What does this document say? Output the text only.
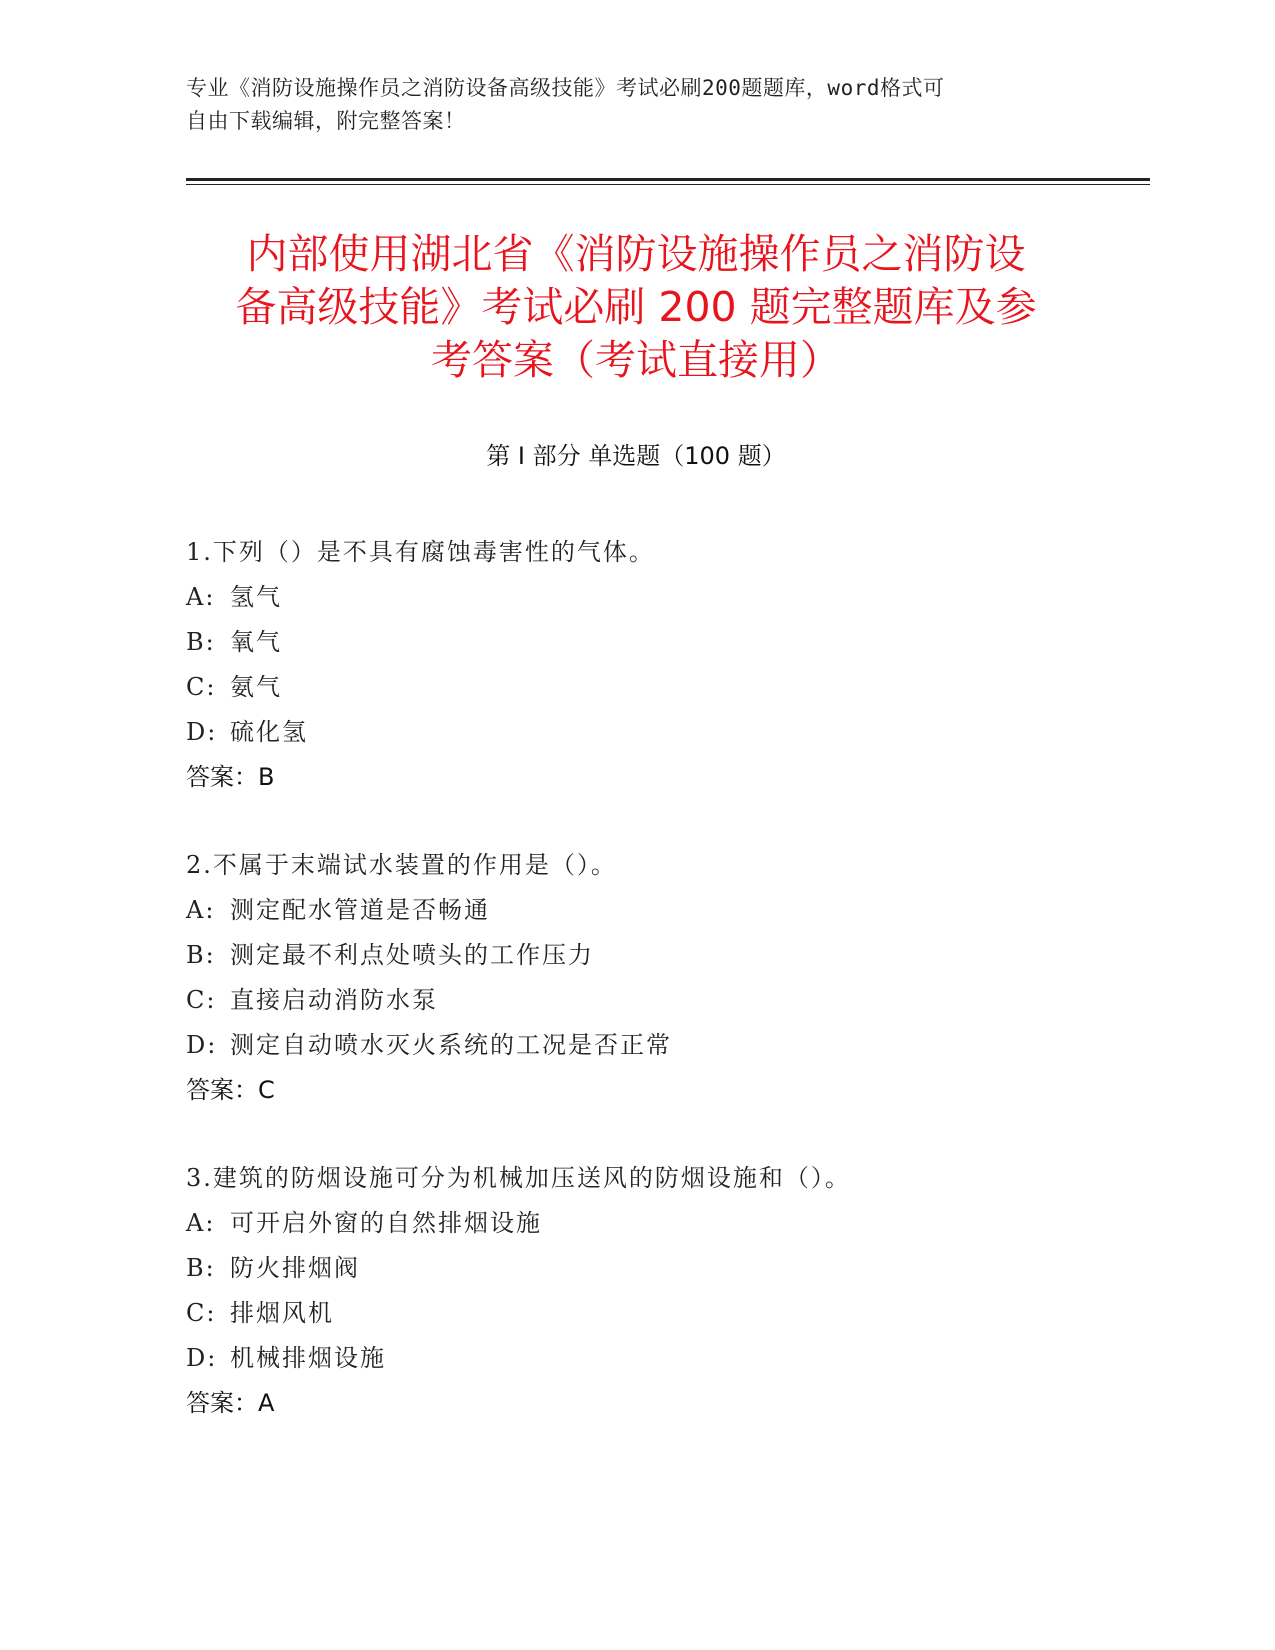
专业《消防设施操作员之消防设备高级技能》考试必刷200题题库，word格式可
自由下载编辑，附完整答案！
内部使用湖北省《消防设施操作员之消防设
备高级技能》考试必刷 200 题完整题库及参
考答案（考试直接用）
第 I 部分 单选题（100 题）
1.下列（）是不具有腐蚀毒害性的气体。
A: 氢气
B: 氧气
C: 氨气
D: 硫化氢
答案：B
2.不属于末端试水装置的作用是（）。
A: 测定配水管道是否畅通
B: 测定最不利点处喷头的工作压力
C: 直接启动消防水泵
D: 测定自动喷水灭火系统的工况是否正常
答案：C
3.建筑的防烟设施可分为机械加压送风的防烟设施和（）。
A: 可开启外窗的自然排烟设施
B: 防火排烟阀
C: 排烟风机
D: 机械排烟设施
答案：A
